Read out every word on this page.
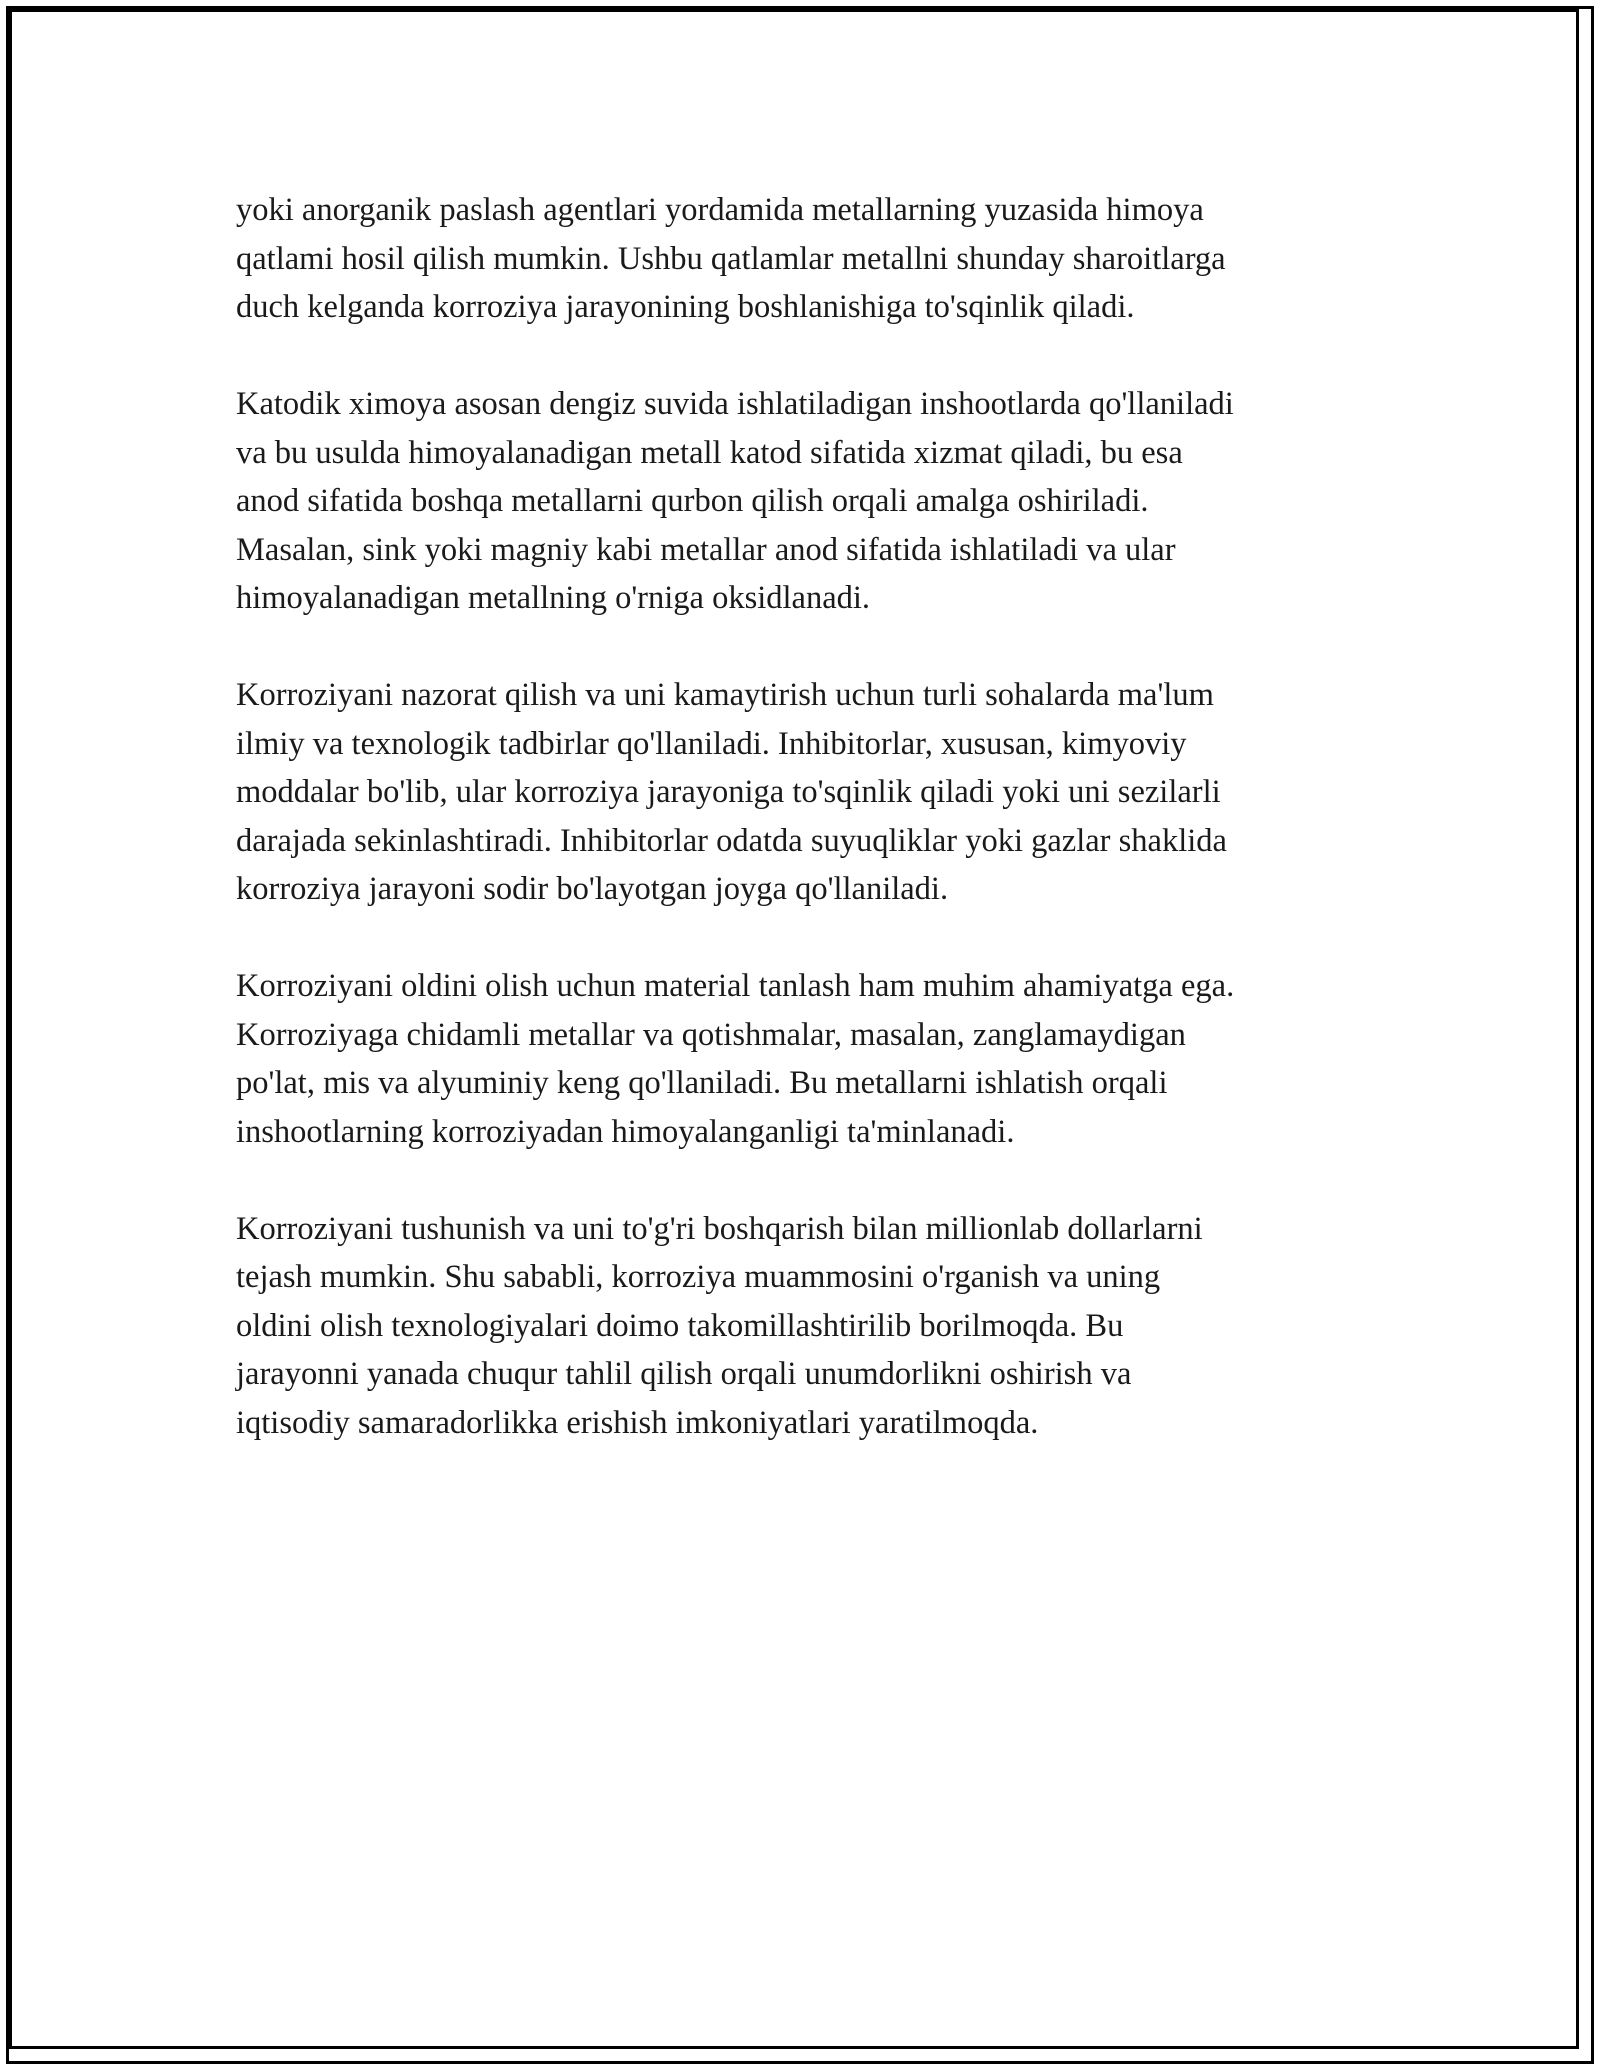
yoki anorganik paslash agentlari yordamida metallarning yuzasida himoya
qatlami hosil qilish mumkin. Ushbu qatlamlar metallni shunday sharoitlarga
duch kelganda korroziya jarayonining boshlanishiga to'sqinlik qiladi.

Katodik ximoya asosan dengiz suvida ishlatiladigan inshootlarda qo'llaniladi
va bu usulda himoyalanadigan metall katod sifatida xizmat qiladi, bu esa
anod sifatida boshqa metallarni qurbon qilish orqali amalga oshiriladi.
Masalan, sink yoki magniy kabi metallar anod sifatida ishlatiladi va ular
himoyalanadigan metallning o'rniga oksidlanadi.

Korroziyani nazorat qilish va uni kamaytirish uchun turli sohalarda ma'lum
ilmiy va texnologik tadbirlar qo'llaniladi. Inhibitorlar, xususan, kimyoviy
moddalar bo'lib, ular korroziya jarayoniga to'sqinlik qiladi yoki uni sezilarli
darajada sekinlashtiradi. Inhibitorlar odatda suyuqliklar yoki gazlar shaklida
korroziya jarayoni sodir bo'layotgan joyga qo'llaniladi.

Korroziyani oldini olish uchun material tanlash ham muhim ahamiyatga ega.
Korroziyaga chidamli metallar va qotishmalar, masalan, zanglamaydigan
po'lat, mis va alyuminiy keng qo'llaniladi. Bu metallarni ishlatish orqali
inshootlarning korroziyadan himoyalanganligi ta'minlanadi.

Korroziyani tushunish va uni to'g'ri boshqarish bilan millionlab dollarlarni
tejash mumkin. Shu sababli, korroziya muammosini o'rganish va uning
oldini olish texnologiyalari doimo takomillashtirilib borilmoqda. Bu
jarayonni yanada chuqur tahlil qilish orqali unumdorlikni oshirish va
iqtisodiy samaradorlikka erishish imkoniyatlari yaratilmoqda.
